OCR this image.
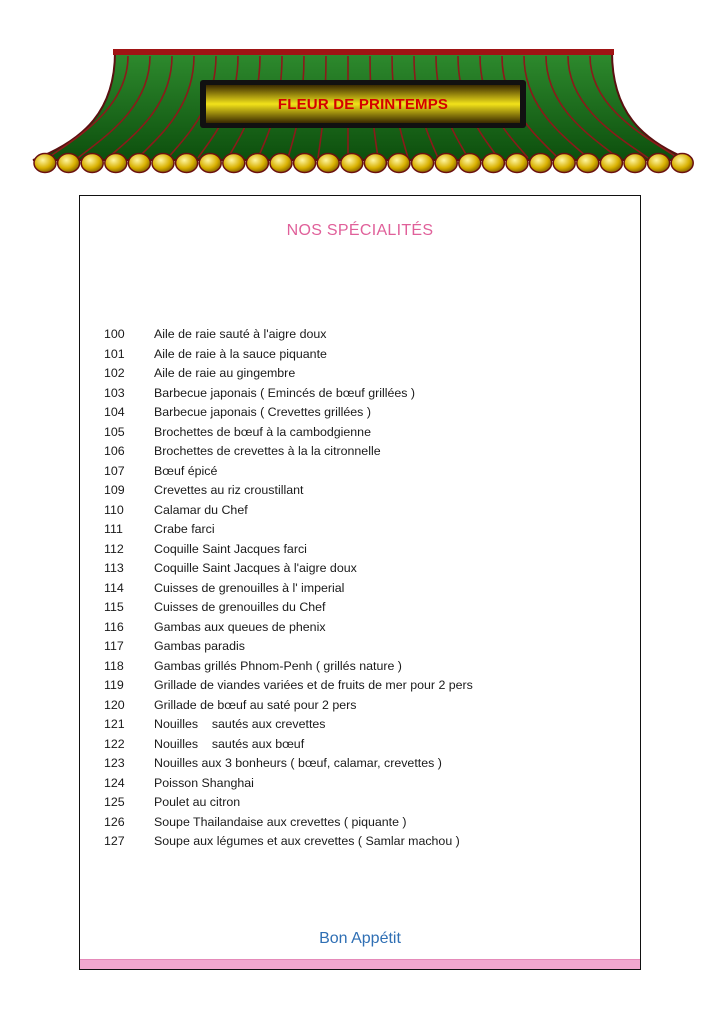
FLEUR DE PRINTEMPS
NOS SPÉCIALITÉS
100 Aile de raie sauté à l'aigre doux
101 Aile de raie à la sauce piquante
102 Aile de raie au gingembre
103 Barbecue japonais ( Emincés de bœuf grillées )
104 Barbecue japonais ( Crevettes grillées )
105 Brochettes de bœuf à la cambodgienne
106 Brochettes de crevettes à la la citronnelle
107 Bœuf épicé
109 Crevettes au riz croustillant
110 Calamar du Chef
111	Crabe farci
112 Coquille Saint Jacques farci
113 Coquille Saint Jacques à l'aigre doux
114 Cuisses de grenouilles à l' imperial
115 Cuisses de grenouilles du Chef
116 Gambas aux queues de phenix
117 Gambas paradis
118 Gambas grillés Phnom-Penh ( grillés nature )
119 Grillade de viandes variées et de fruits de mer pour 2 pers
120 Grillade de bœuf au saté pour 2 pers
121 Nouilles    sautés aux crevettes
122 Nouilles    sautés aux bœuf
123 Nouilles aux 3 bonheurs ( bœuf, calamar, crevettes )
124 Poisson Shanghai
125 Poulet au citron
126 Soupe Thailandaise aux crevettes ( piquante )
127 Soupe aux légumes et aux crevettes ( Samlar machou )
Bon Appétit
